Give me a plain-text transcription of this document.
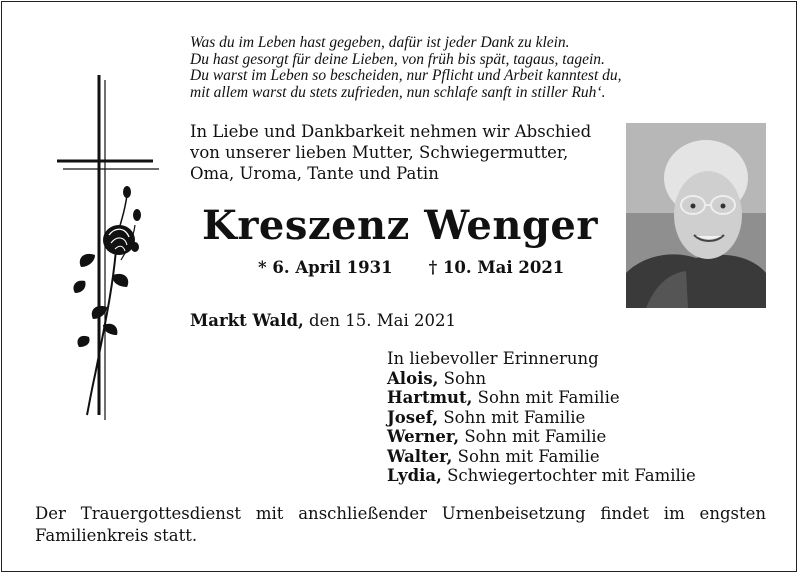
Was du im Leben hast gegeben, dafür ist jeder Dank zu klein.
Du hast gesorgt für deine Lieben, von früh bis spät, tagaus, tagein.
Du warst im Leben so bescheiden, nur Pflicht und Arbeit kanntest du,
mit allem warst du stets zufrieden, nun schlafe sanft in stiller Ruh‘.
In Liebe und Dankbarkeit nehmen wir Abschied
von unserer lieben Mutter, Schwiegermutter,
Oma, Uroma, Tante und Patin
Kreszenz Wenger
* 6. April 1931 † 10. Mai 2021
Markt Wald, den 15. Mai 2021
In liebevoller Erinnerung
Alois, Sohn
Hartmut, Sohn mit Familie
Josef, Sohn mit Familie
Werner, Sohn mit Familie
Walter, Sohn mit Familie
Lydia, Schwiegertochter mit Familie
Der Trauergottesdienst mit anschließender Urnenbeisetzung findet im engsten Familienkreis statt.
